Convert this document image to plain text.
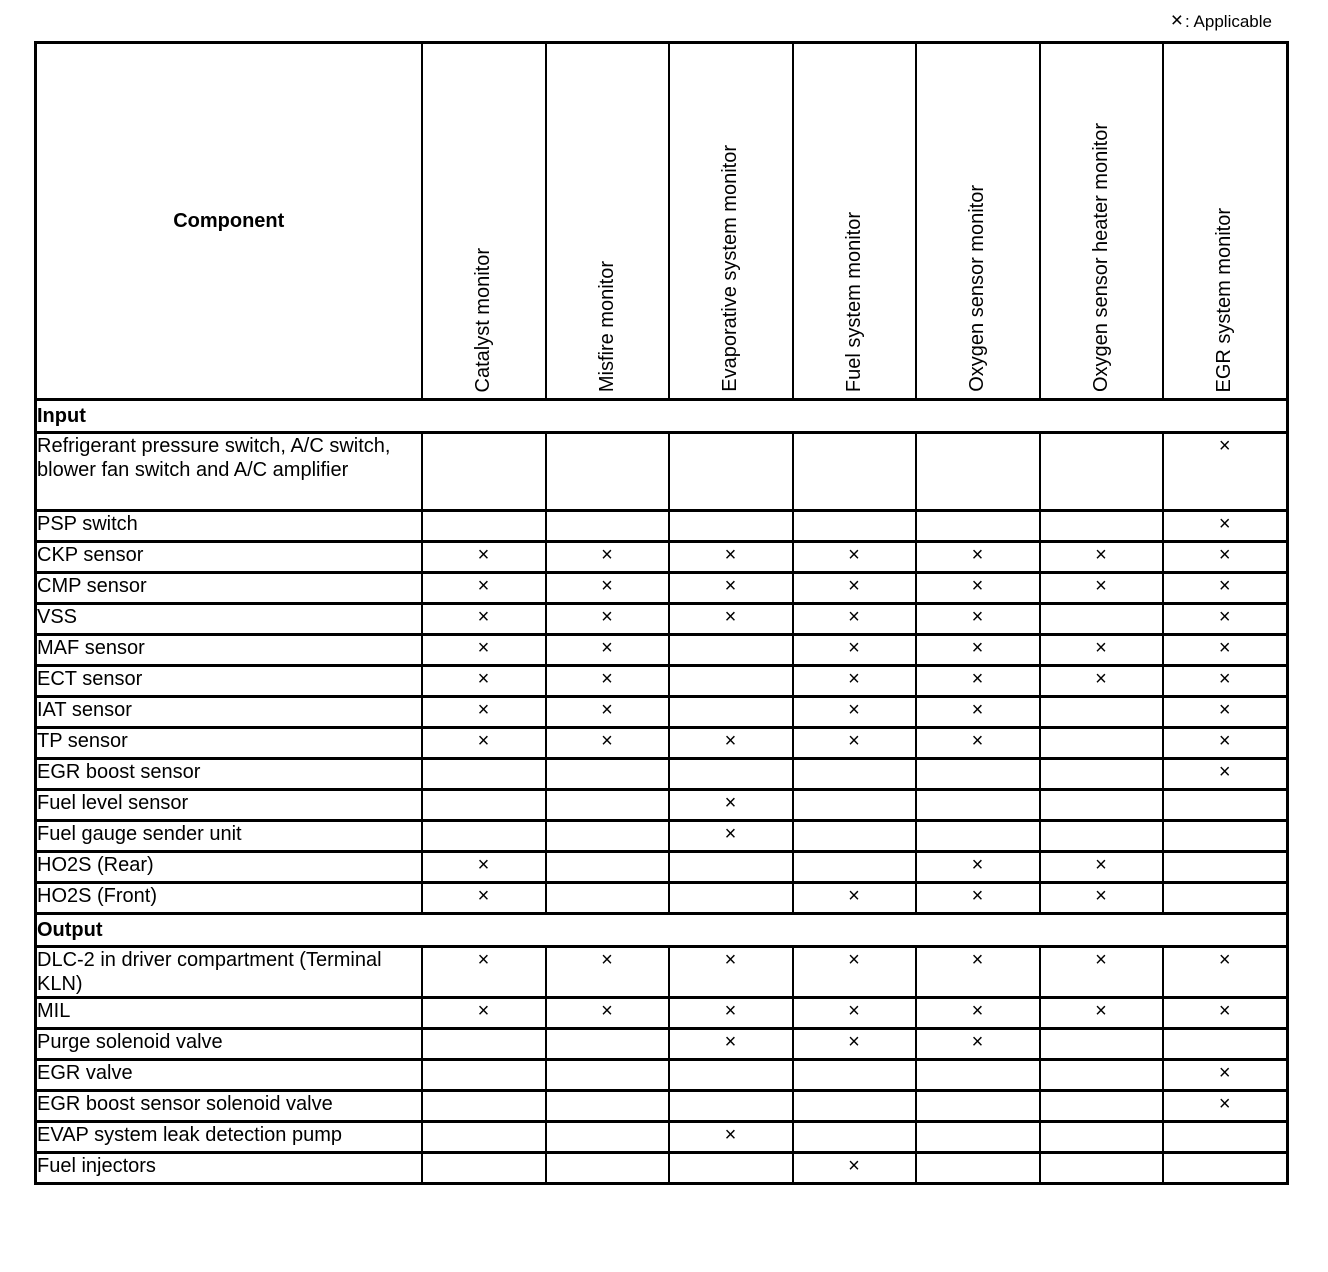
× : Applicable
Component	Catalyst monitor	Misfire monitor	Evaporative system monitor	Fuel system monitor	Oxygen sensor monitor	Oxygen sensor heater monitor	EGR system monitor
Input							
Refrigerant pressure switch, A/C switch, blower fan switch and A/C amplifier							×
PSP switch							×
CKP sensor	×	×	×	×	×	×	×
CMP sensor	×	×	×	×	×	×	×
VSS	×	×	×	×	×		×
MAF sensor	×	×		×	×	×	×
ECT sensor	×	×		×	×	×	×
IAT sensor	×	×		×	×		×
TP sensor	×	×	×	×	×		×
EGR boost sensor							×
Fuel level sensor			×				
Fuel gauge sender unit			×				
HO2S (Rear)	×				×	×	
HO2S (Front)	×			×	×	×	
Output							
DLC-2 in driver compartment (Terminal KLN)	×	×	×	×	×	×	×
MIL	×	×	×	×	×	×	×
Purge solenoid valve			×	×	×		
EGR valve							×
EGR boost sensor solenoid valve							×
EVAP system leak detection pump			×				
Fuel injectors				×			
